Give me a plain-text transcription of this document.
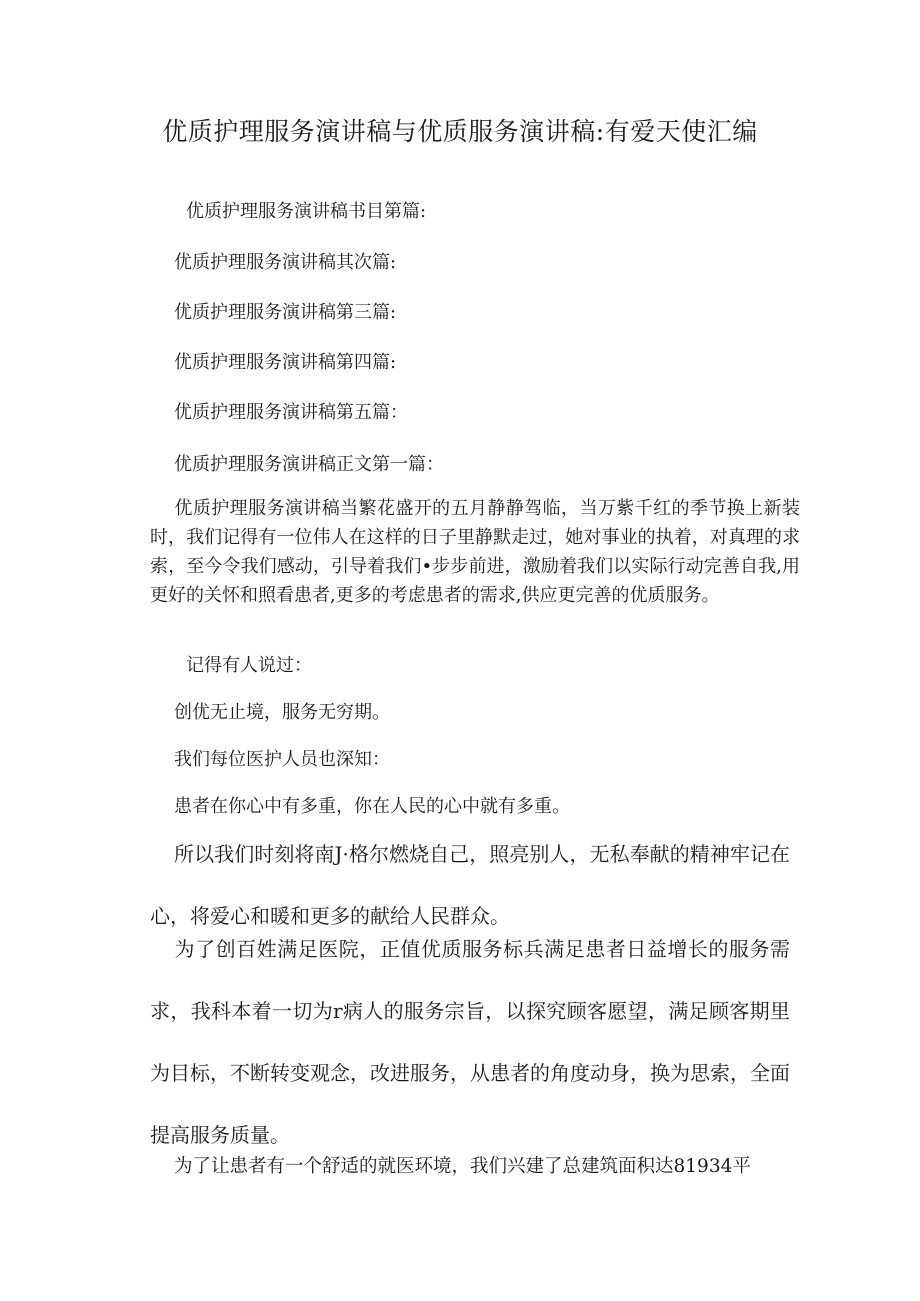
优质护理服务演讲稿与优质服务演讲稿:有爱天使汇编
优质护理服务演讲稿书目第篇:
优质护理服务演讲稿其次篇:
优质护理服务演讲稿第三篇:
优质护理服务演讲稿第四篇:
优质护理服务演讲稿第五篇：
优质护理服务演讲稿正文第一篇：
优质护理服务演讲稿当繁花盛开的五月静静驾临，当万紫千红的季节换上新装时，我们记得有一位伟人在这样的日子里静默走过，她对事业的执着，对真理的求索，至今令我们感动，引导着我们•步步前进，激励着我们以实际行动完善自我,用更好的关怀和照看患者,更多的考虑患者的需求,供应更完善的优质服务。
记得有人说过：
创优无止境，服务无穷期。
我们每位医护人员也深知：
患者在你心中有多重，你在人民的心中就有多重。
所以我们时刻将南J·格尔燃烧自己，照亮别人，无私奉献的精神牢记在心，将爱心和暖和更多的献给人民群众。
为了创百姓满足医院，正值优质服务标兵满足患者日益增长的服务需求，我科本着一切为r病人的服务宗旨，以探究顾客愿望，满足顾客期里为目标，不断转变观念，改进服务，从患者的角度动身，换为思索，全面提高服务质量。
为了让患者有一个舒适的就医环境，我们兴建了总建筑面积达81934平
